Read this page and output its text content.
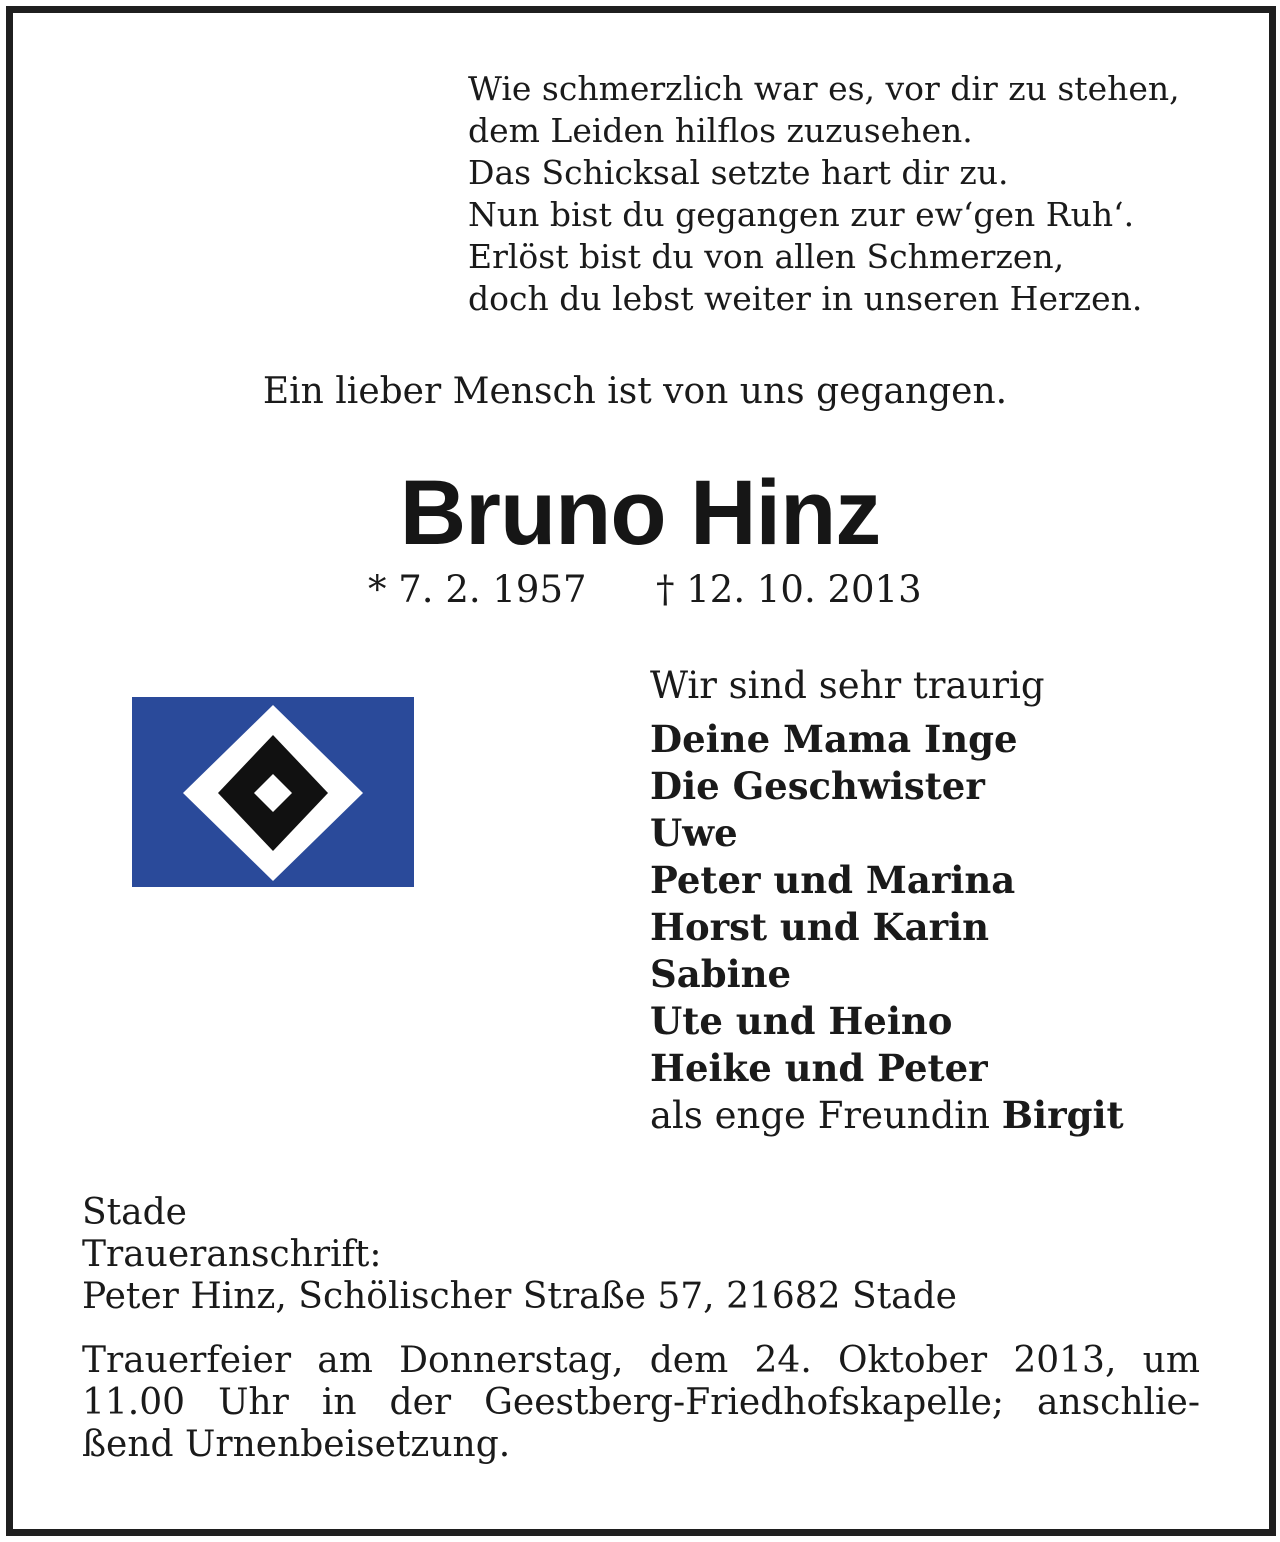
Wie schmerzlich war es, vor dir zu stehen,
dem Leiden hilflos zuzusehen.
Das Schicksal setzte hart dir zu.
Nun bist du gegangen zur ew‘gen Ruh‘.
Erlöst bist du von allen Schmerzen,
doch du lebst weiter in unseren Herzen.
Ein lieber Mensch ist von uns gegangen.
Bruno Hinz
* 7. 2. 1957 † 12. 10. 2013
Wir sind sehr traurig
Deine Mama Inge
Die Geschwister
Uwe
Peter und Marina
Horst und Karin
Sabine
Ute und Heino
Heike und Peter
als enge Freundin Birgit
Stade
Traueranschrift:
Peter Hinz, Schölischer Straße 57, 21682 Stade
Trauerfeier am Donnerstag, dem 24. Oktober 2013, um
11.00 Uhr in der Geestberg-Friedhofskapelle; anschlie-
ßend Urnenbeisetzung.
